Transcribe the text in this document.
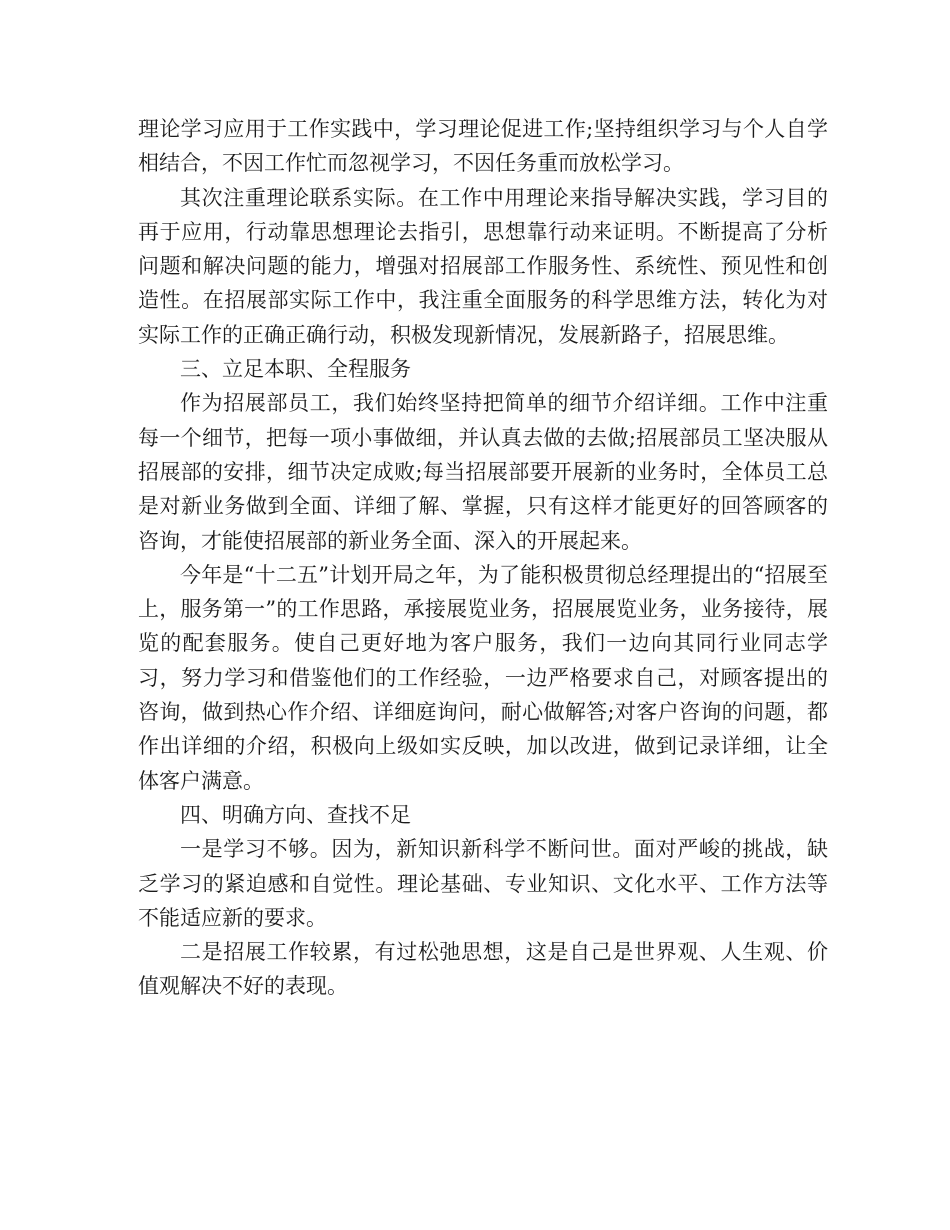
理论学习应用于工作实践中，学习理论促进工作;坚持组织学习与个人自学相结合，不因工作忙而忽视学习，不因任务重而放松学习。

其次注重理论联系实际。在工作中用理论来指导解决实践，学习目的再于应用，行动靠思想理论去指引，思想靠行动来证明。不断提高了分析问题和解决问题的能力，增强对招展部工作服务性、系统性、预见性和创造性。在招展部实际工作中，我注重全面服务的科学思维方法，转化为对实际工作的正确正确行动，积极发现新情况，发展新路子，招展思维。

三、立足本职、全程服务

作为招展部员工，我们始终坚持把简单的细节介绍详细。工作中注重每一个细节，把每一项小事做细，并认真去做的去做;招展部员工坚决服从招展部的安排，细节决定成败;每当招展部要开展新的业务时，全体员工总是对新业务做到全面、详细了解、掌握，只有这样才能更好的回答顾客的咨询，才能使招展部的新业务全面、深入的开展起来。

今年是“十二五”计划开局之年，为了能积极贯彻总经理提出的“招展至上，服务第一”的工作思路，承接展览业务，招展展览业务，业务接待，展览的配套服务。使自己更好地为客户服务，我们一边向其同行业同志学习，努力学习和借鉴他们的工作经验，一边严格要求自己，对顾客提出的咨询，做到热心作介绍、详细庭询问，耐心做解答;对客户咨询的问题，都作出详细的介绍，积极向上级如实反映，加以改进，做到记录详细，让全体客户满意。

四、明确方向、查找不足

一是学习不够。因为，新知识新科学不断问世。面对严峻的挑战，缺乏学习的紧迫感和自觉性。理论基础、专业知识、文化水平、工作方法等不能适应新的要求。

二是招展工作较累，有过松弛思想，这是自己是世界观、人生观、价值观解决不好的表现。
